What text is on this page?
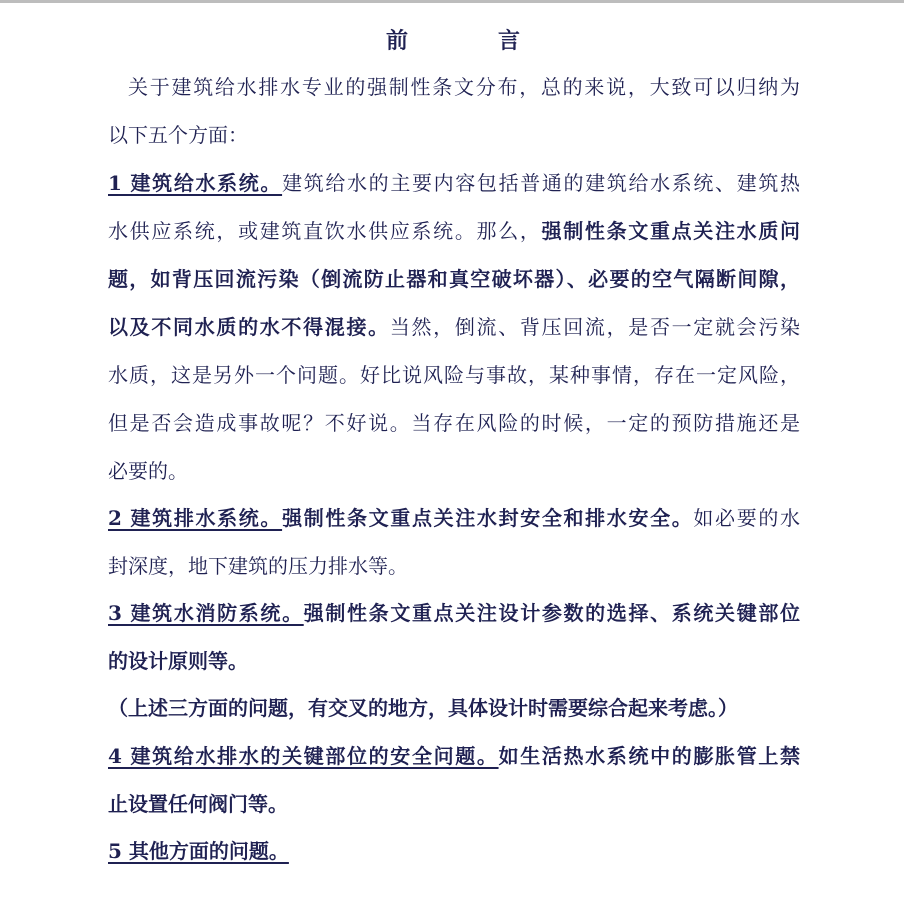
前	言
关于建筑给水排水专业的强制性条文分布，总的来说，大致可以归纳为
以下五个方面：
1 建筑给水系统。建筑给水的主要内容包括普通的建筑给水系统、建筑热
水供应系统，或建筑直饮水供应系统。那么，强制性条文重点关注水质问
题，如背压回流污染（倒流防止器和真空破坏器）、必要的空气隔断间隙，
以及不同水质的水不得混接。当然，倒流、背压回流，是否一定就会污染
水质，这是另外一个问题。好比说风险与事故，某种事情，存在一定风险，
但是否会造成事故呢？不好说。当存在风险的时候，一定的预防措施还是
必要的。
2 建筑排水系统。强制性条文重点关注水封安全和排水安全。如必要的水
封深度，地下建筑的压力排水等。
3 建筑水消防系统。强制性条文重点关注设计参数的选择、系统关键部位
的设计原则等。
（上述三方面的问题，有交叉的地方，具体设计时需要综合起来考虑。）
4 建筑给水排水的关键部位的安全问题。如生活热水系统中的膨胀管上禁
止设置任何阀门等。
5 其他方面的问题。
